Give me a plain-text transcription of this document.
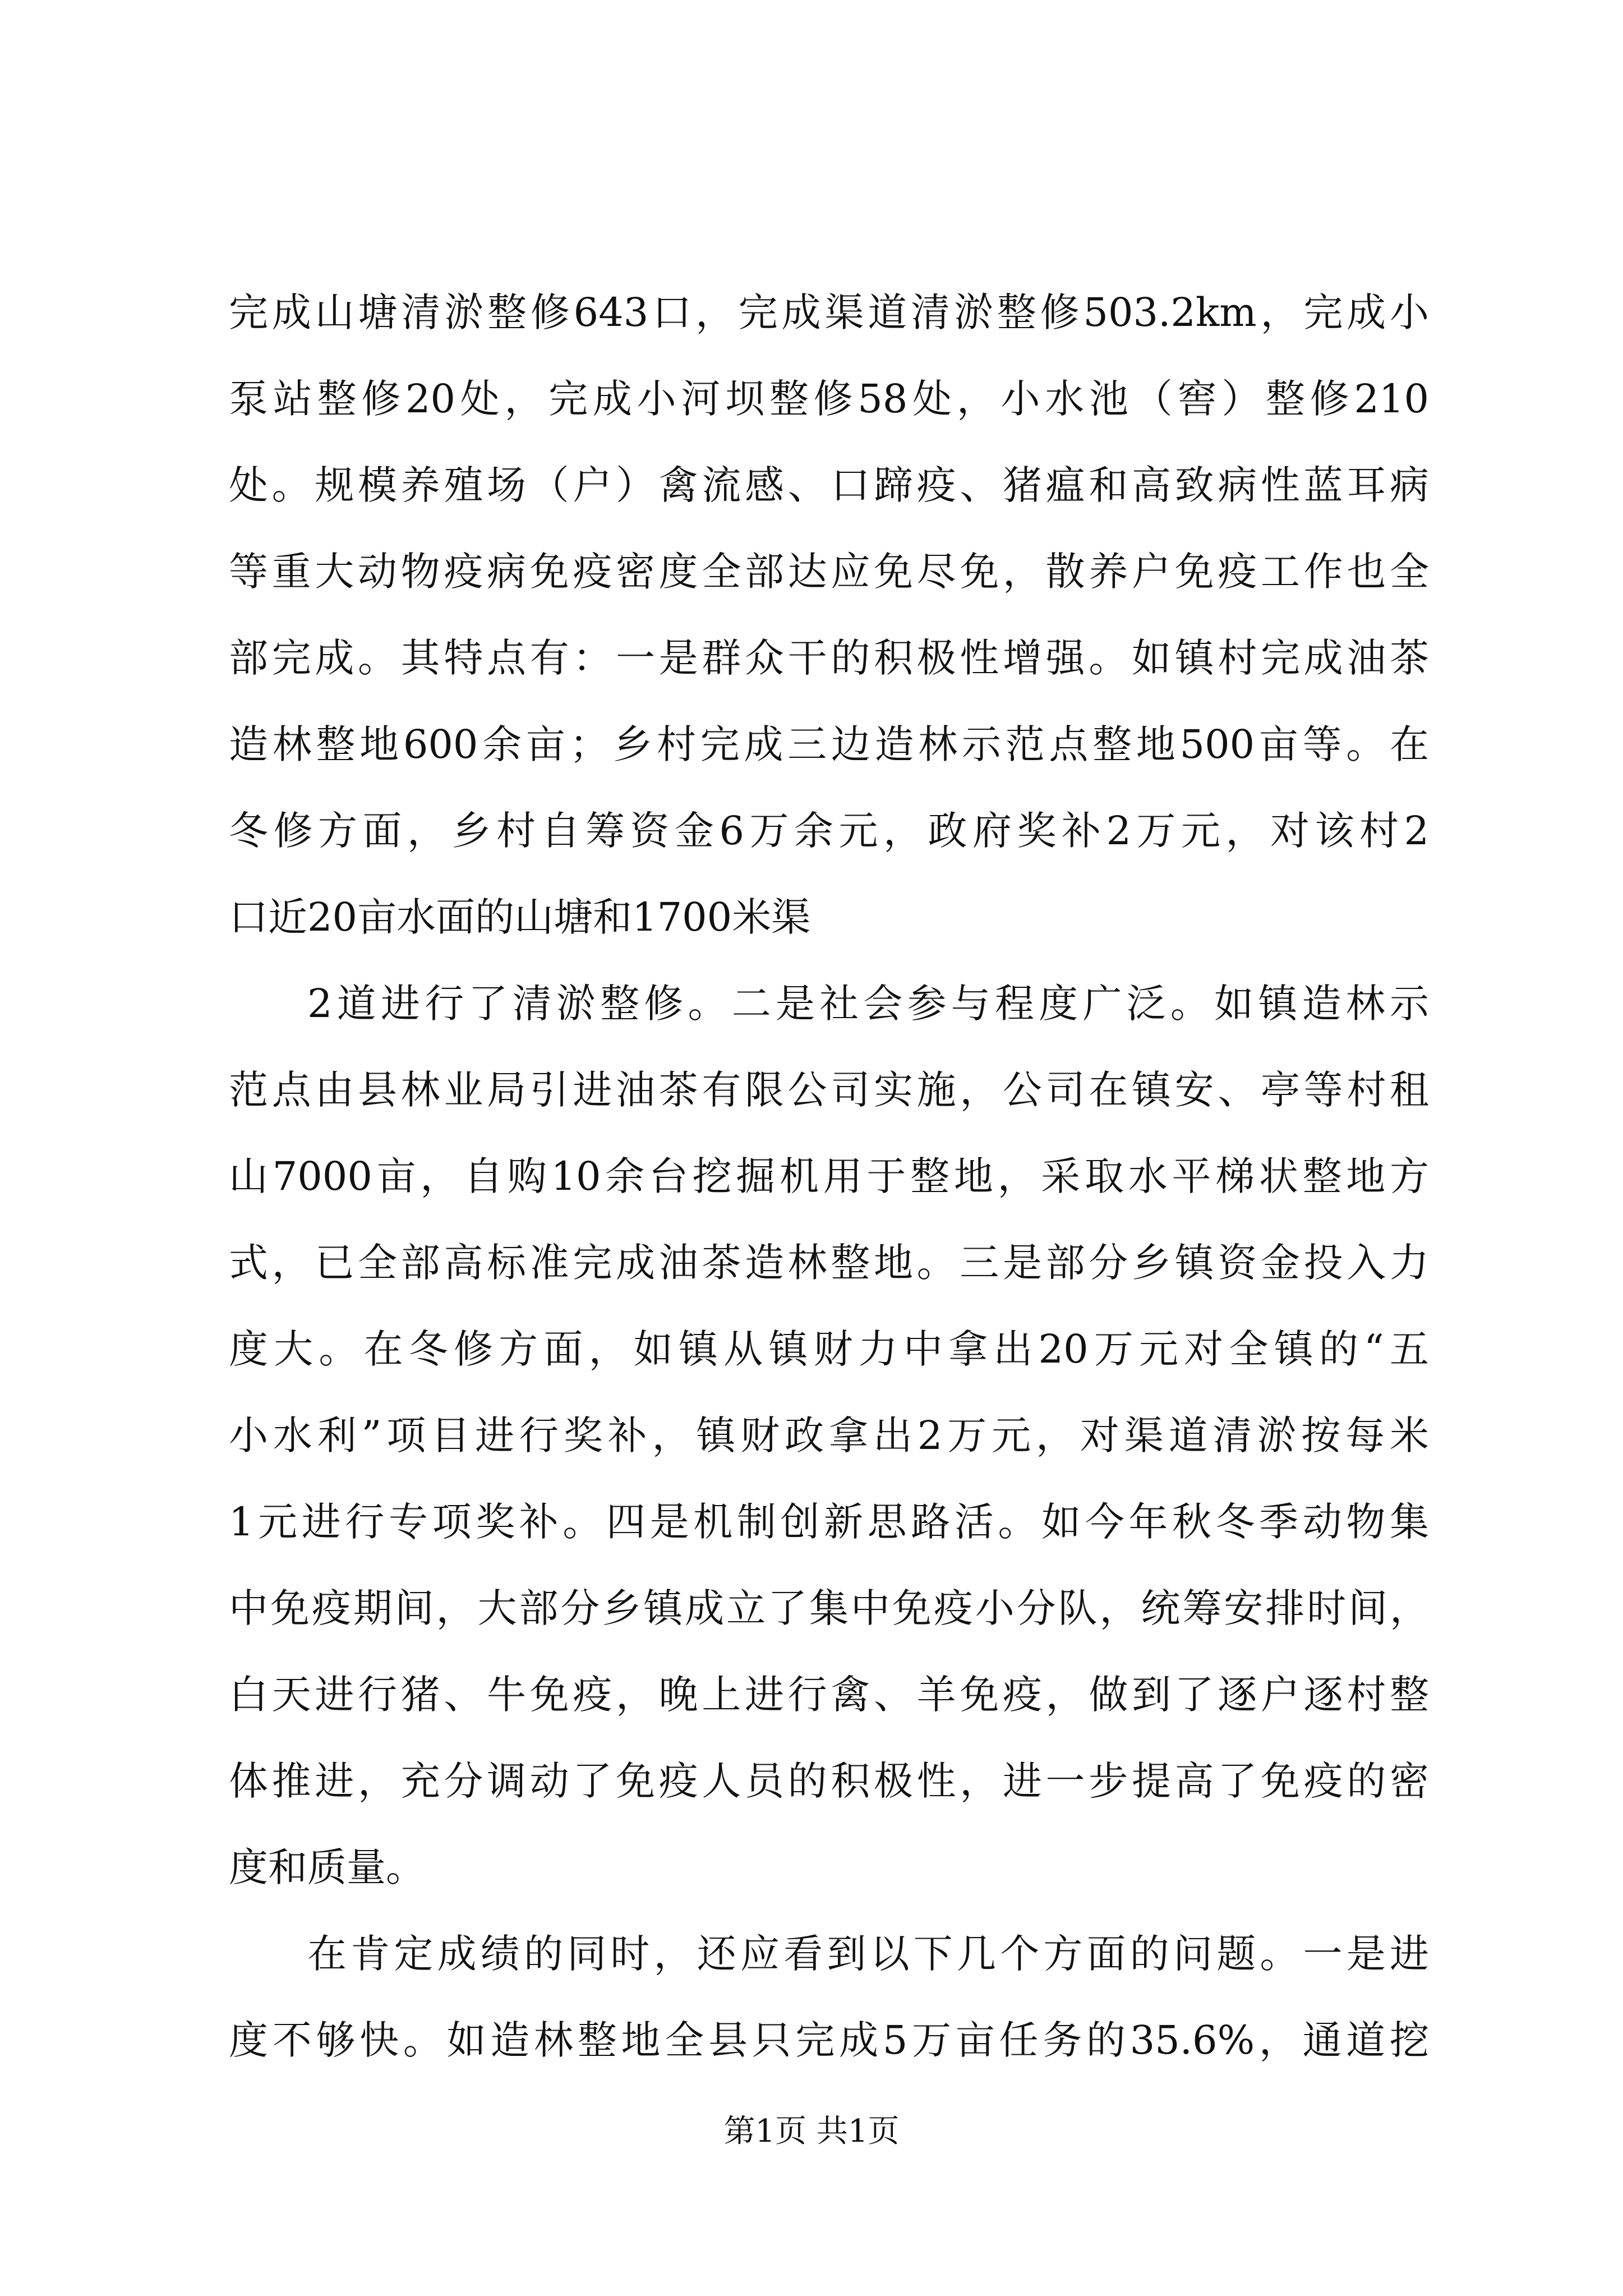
完成山塘清淤整修643口，完成渠道清淤整修503.2km，完成小
泵站整修20处，完成小河坝整修58处，小水池（窖）整修210
处。规模养殖场（户）禽流感、口蹄疫、猪瘟和高致病性蓝耳病
等重大动物疫病免疫密度全部达应免尽免，散养户免疫工作也全
部完成。其特点有：一是群众干的积极性增强。如镇村完成油茶
造林整地600余亩；乡村完成三边造林示范点整地500亩等。在
冬修方面，乡村自筹资金6万余元，政府奖补2万元，对该村2
口近20亩水面的山塘和1700米渠
2道进行了清淤整修。二是社会参与程度广泛。如镇造林示
范点由县林业局引进油茶有限公司实施，公司在镇安、亭等村租
山7000亩，自购10余台挖掘机用于整地，采取水平梯状整地方
式，已全部高标准完成油茶造林整地。三是部分乡镇资金投入力
度大。在冬修方面，如镇从镇财力中拿出20万元对全镇的“五
小水利”项目进行奖补，镇财政拿出2万元，对渠道清淤按每米
1元进行专项奖补。四是机制创新思路活。如今年秋冬季动物集
中免疫期间，大部分乡镇成立了集中免疫小分队，统筹安排时间，
白天进行猪、牛免疫，晚上进行禽、羊免疫，做到了逐户逐村整
体推进，充分调动了免疫人员的积极性，进一步提高了免疫的密
度和质量。
在肯定成绩的同时，还应看到以下几个方面的问题。一是进
度不够快。如造林整地全县只完成5万亩任务的35.6%，通道挖
第1页 共1页
